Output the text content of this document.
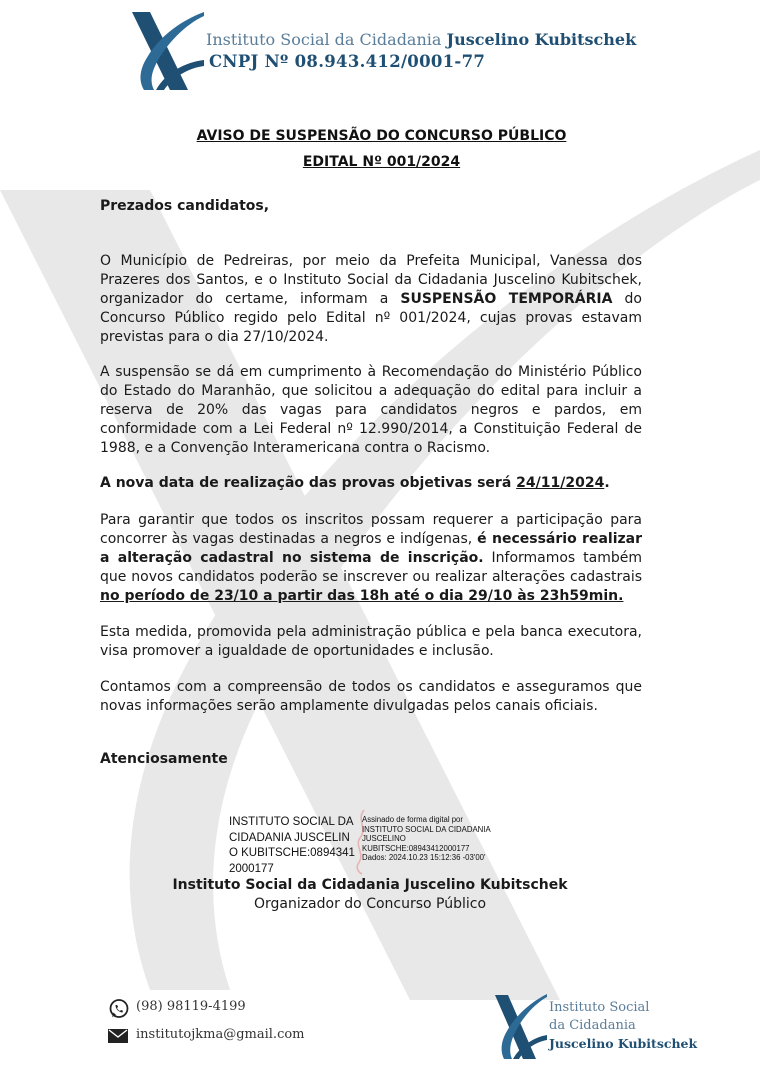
Instituto Social da Cidadania Juscelino Kubitschek
CNPJ Nº 08.943.412/0001-77
AVISO DE SUSPENSÃO DO CONCURSO PÚBLICO
EDITAL Nº 001/2024
Prezados candidatos,
O Município de Pedreiras, por meio da Prefeita Municipal, Vanessa dos Prazeres dos Santos, e o Instituto Social da Cidadania Juscelino Kubitschek, organizador do certame, informam a SUSPENSÃO TEMPORÁRIA do Concurso Público regido pelo Edital nº 001/2024, cujas provas estavam previstas para o dia 27/10/2024.
A suspensão se dá em cumprimento à Recomendação do Ministério Público do Estado do Maranhão, que solicitou a adequação do edital para incluir a reserva de 20% das vagas para candidatos negros e pardos, em conformidade com a Lei Federal nº 12.990/2014, a Constituição Federal de 1988, e a Convenção Interamericana contra o Racismo.
A nova data de realização das provas objetivas será 24/11/2024.
Para garantir que todos os inscritos possam requerer a participação para concorrer às vagas destinadas a negros e indígenas, é necessário realizar a alteração cadastral no sistema de inscrição. Informamos também que novos candidatos poderão se inscrever ou realizar alterações cadastrais no período de 23/10 a partir das 18h até o dia 29/10 às 23h59min.
Esta medida, promovida pela administração pública e pela banca executora, visa promover a igualdade de oportunidades e inclusão.
Contamos com a compreensão de todos os candidatos e asseguramos que novas informações serão amplamente divulgadas pelos canais oficiais.
Atenciosamente
INSTITUTO SOCIAL DA CIDADANIA JUSCELINO KUBITSCHE:08943412000177
Assinado de forma digital por
INSTITUTO SOCIAL DA CIDADANIA JUSCELINO KUBITSCHE:08943412000177
Dados: 2024.10.23 15:12:36 -03'00'
Instituto Social da Cidadania Juscelino Kubitschek
Organizador do Concurso Público
(98) 98119-4199
institutojkma@gmail.com
Instituto Social
da Cidadania
Juscelino Kubitschek
